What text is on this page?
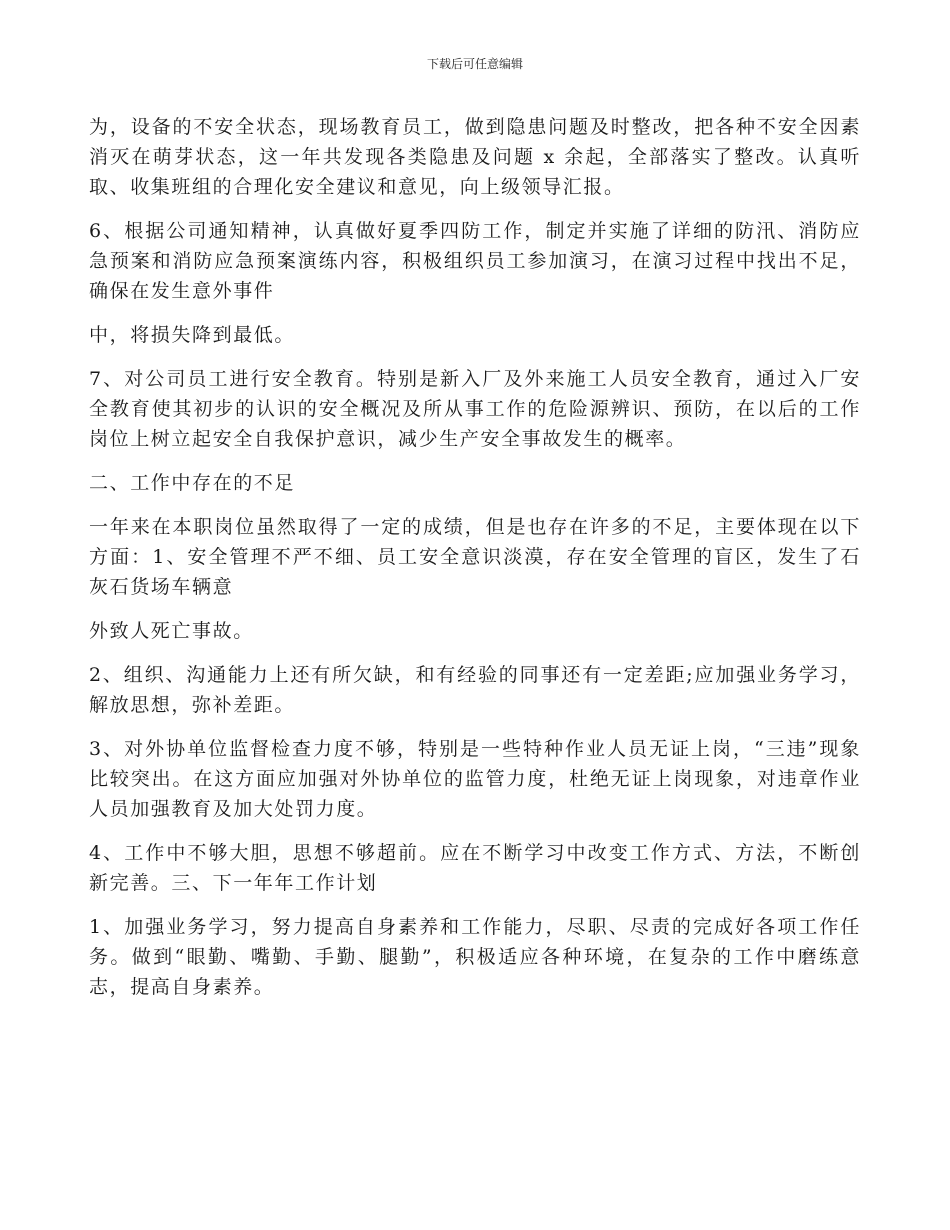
下载后可任意编辑

为，设备的不安全状态，现场教育员工，做到隐患问题及时整改，把各种不安全因素消灭在萌芽状态，这一年共发现各类隐患及问题 x 余起，全部落实了整改。认真听取、收集班组的合理化安全建议和意见，向上级领导汇报。

6、根据公司通知精神，认真做好夏季四防工作，制定并实施了详细的防汛、消防应急预案和消防应急预案演练内容，积极组织员工参加演习，在演习过程中找出不足，确保在发生意外事件

中，将损失降到最低。

7、对公司员工进行安全教育。特别是新入厂及外来施工人员安全教育，通过入厂安全教育使其初步的认识的安全概况及所从事工作的危险源辨识、预防，在以后的工作岗位上树立起安全自我保护意识，减少生产安全事故发生的概率。

二、工作中存在的不足

一年来在本职岗位虽然取得了一定的成绩，但是也存在许多的不足，主要体现在以下方面：1、安全管理不严不细、员工安全意识淡漠，存在安全管理的盲区，发生了石灰石货场车辆意

外致人死亡事故。

2、组织、沟通能力上还有所欠缺，和有经验的同事还有一定差距;应加强业务学习，解放思想，弥补差距。

3、对外协单位监督检查力度不够，特别是一些特种作业人员无证上岗，“三违”现象比较突出。在这方面应加强对外协单位的监管力度，杜绝无证上岗现象，对违章作业人员加强教育及加大处罚力度。

4、工作中不够大胆，思想不够超前。应在不断学习中改变工作方式、方法，不断创新完善。三、下一年年工作计划

1、加强业务学习，努力提高自身素养和工作能力，尽职、尽责的完成好各项工作任务。做到“眼勤、嘴勤、手勤、腿勤”，积极适应各种环境，在复杂的工作中磨练意志，提高自身素养。
